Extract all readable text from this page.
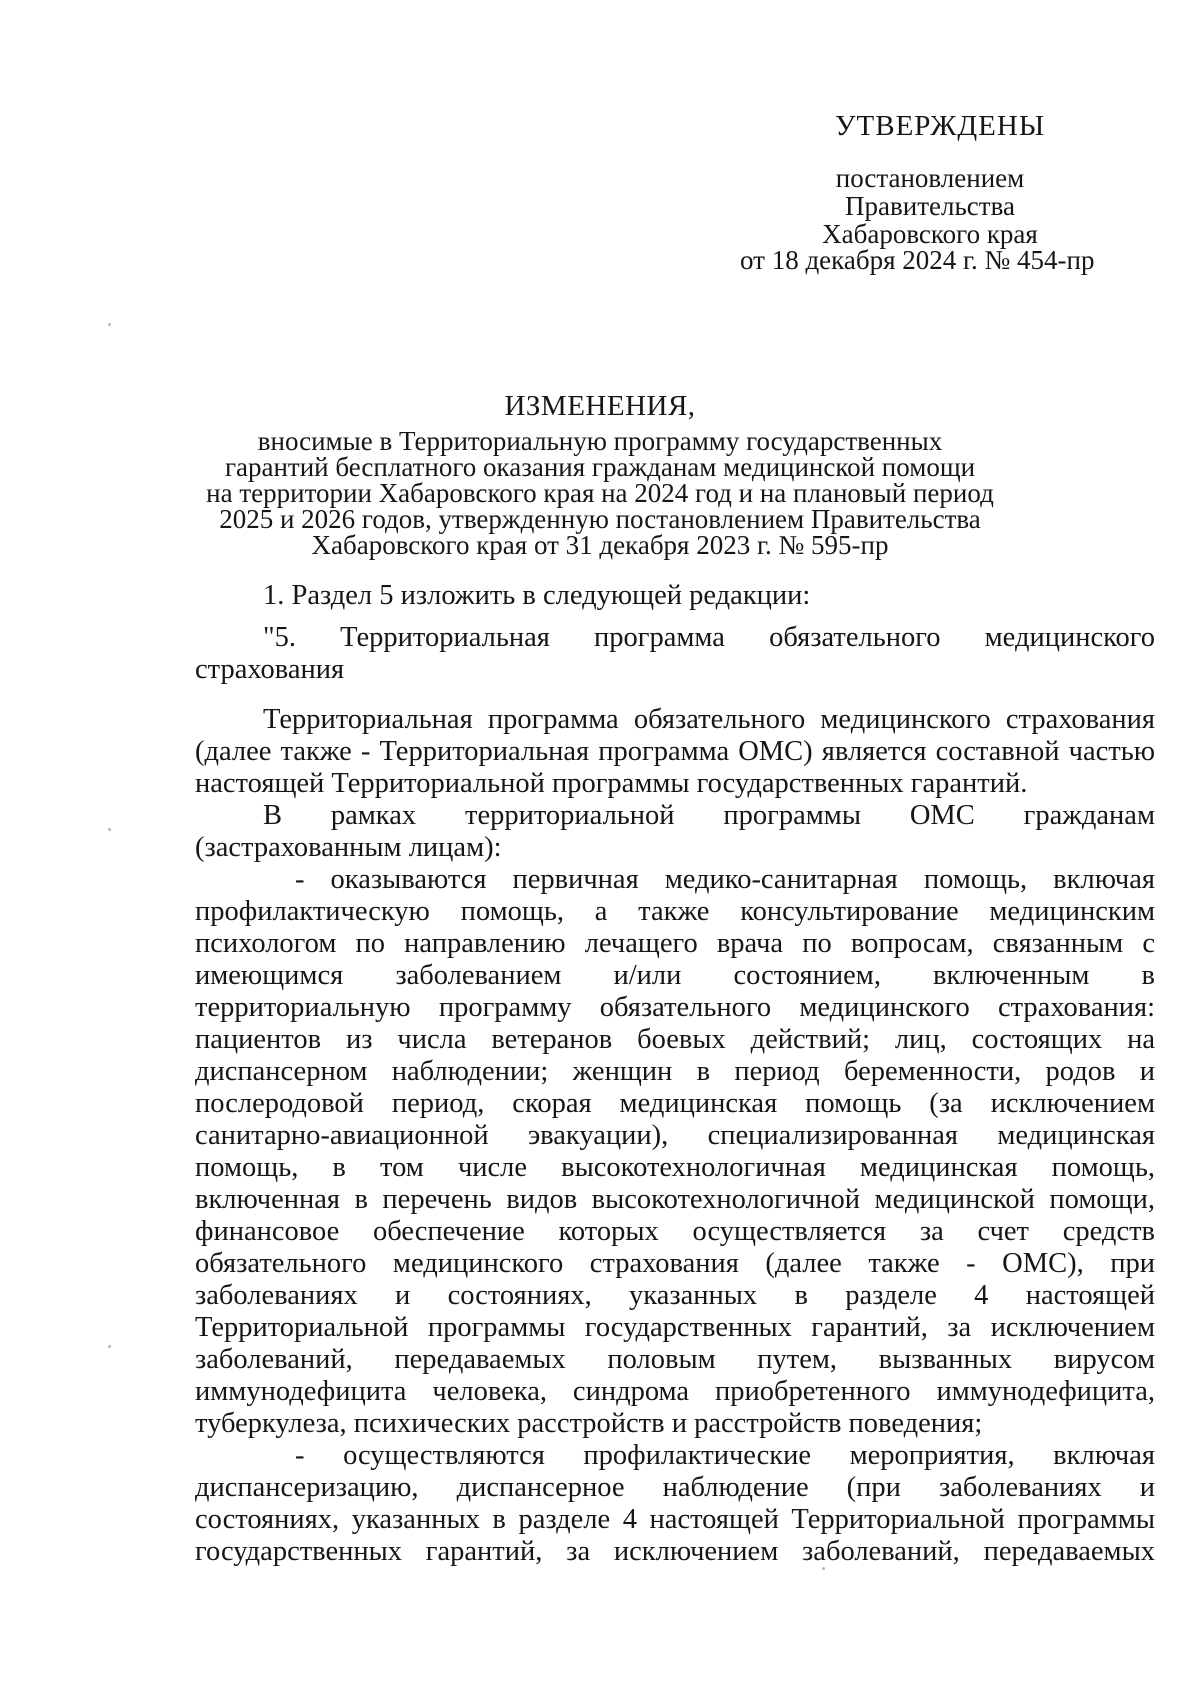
УТВЕРЖДЕНЫ
постановлением
Правительства
Хабаровского края
от 18 декабря 2024 г. № 454-пр
ИЗМЕНЕНИЯ,
вносимые в Территориальную программу государственных
гарантий бесплатного оказания гражданам медицинской помощи
на территории Хабаровского края на 2024 год и на плановый период
2025 и 2026 годов, утвержденную постановлением Правительства
Хабаровского края от 31 декабря 2023 г. № 595-пр
1. Раздел 5 изложить в следующей редакции:
"5. Территориальная программа обязательного медицинского
страхования
Территориальная программа обязательного медицинского страхования
(далее также - Территориальная программа ОМС) является составной частью
настоящей Территориальной программы государственных гарантий.
В рамках территориальной программы ОМС гражданам
(застрахованным лицам):
- оказываются первичная медико-санитарная помощь, включая
профилактическую помощь, а также консультирование медицинским
психологом по направлению лечащего врача по вопросам, связанным с
имеющимся заболеванием и/или состоянием, включенным в
территориальную программу обязательного медицинского страхования:
пациентов из числа ветеранов боевых действий; лиц, состоящих на
диспансерном наблюдении; женщин в период беременности, родов и
послеродовой период, скорая медицинская помощь (за исключением
санитарно-авиационной эвакуации), специализированная медицинская
помощь, в том числе высокотехнологичная медицинская помощь,
включенная в перечень видов высокотехнологичной медицинской помощи,
финансовое обеспечение которых осуществляется за счет средств
обязательного медицинского страхования (далее также - ОМС), при
заболеваниях и состояниях, указанных в разделе 4 настоящей
Территориальной программы государственных гарантий, за исключением
заболеваний, передаваемых половым путем, вызванных вирусом
иммунодефицита человека, синдрома приобретенного иммунодефицита,
туберкулеза, психических расстройств и расстройств поведения;
- осуществляются профилактические мероприятия, включая
диспансеризацию, диспансерное наблюдение (при заболеваниях и
состояниях, указанных в разделе 4 настоящей Территориальной программы
государственных гарантий, за исключением заболеваний, передаваемых
